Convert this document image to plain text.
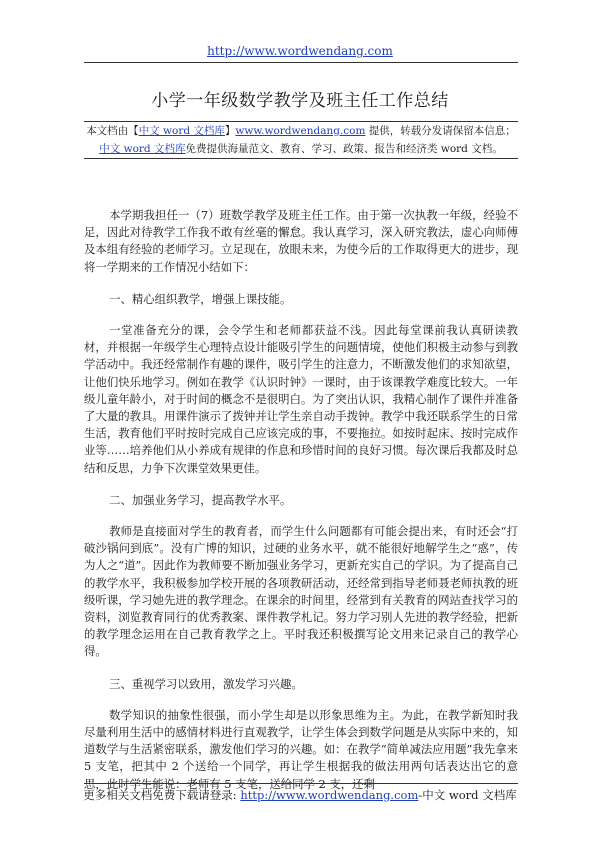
http://www.wordwendang.com
小学一年级数学教学及班主任工作总结
本文档由【中文 word 文档库】www.wordwendang.com 提供，转载分发请保留本信息；
中文 word 文档库免费提供海量范文、教育、学习、政策、报告和经济类 word 文档。

本学期我担任一（7）班数学教学及班主任工作。由于第一次执教一年级，经验不足，因此对待教学工作我不敢有丝毫的懈怠。我认真学习，深入研究教法，虚心向师傅及本组有经验的老师学习。立足现在，放眼未来，为使今后的工作取得更大的进步，现将一学期来的工作情况小结如下：

一、精心组织教学，增强上课技能。

一堂准备充分的课，会令学生和老师都获益不浅。因此每堂课前我认真研读教材，并根据一年级学生心理特点设计能吸引学生的问题情境，使他们积极主动参与到教学活动中。我还经常制作有趣的课件，吸引学生的注意力，不断激发他们的求知欲望，让他们快乐地学习。例如在教学《认识时钟》一课时，由于该课教学难度比较大。一年级儿童年龄小，对于时间的概念不是很明白。为了突出认识，我精心制作了课件并准备了大量的教具。用课件演示了拨钟并让学生亲自动手拨钟。教学中我还联系学生的日常生活，教育他们平时按时完成自己应该完成的事，不要拖拉。如按时起床、按时完成作业等……培养他们从小养成有规律的作息和珍惜时间的良好习惯。每次课后我都及时总结和反思，力争下次课堂效果更佳。

二、加强业务学习，提高教学水平。

教师是直接面对学生的教育者，而学生什么问题都有可能会提出来，有时还会“打破沙锅问到底”。没有广博的知识，过硬的业务水平，就不能很好地解学生之“惑”，传为人之“道”。因此作为教师要不断加强业务学习，更新充实自己的学识。为了提高自己的教学水平，我积极参加学校开展的各项教研活动，还经常到指导老师聂老师执教的班级听课，学习她先进的教学理念。在课余的时间里，经常到有关教育的网站查找学习的资料，浏览教育同行的优秀教案、课件教学札记。努力学习别人先进的教学经验，把新的教学理念运用在自己教育教学之上。平时我还积极撰写论文用来记录自己的教学心得。

三、重视学习以致用，激发学习兴趣。

数学知识的抽象性很强，而小学生却是以形象思维为主。为此，在教学新知时我尽量利用生活中的感情材料进行直观教学，让学生体会到数学问题是从实际中来的，知道数学与生活紧密联系，激发他们学习的兴趣。如：在教学“简单减法应用题”我先拿来 5 支笔，把其中 2 个送给一个同学，再让学生根据我的做法用两句话表达出它的意思，此时学生能说：老师有 5 支笔，送给同学 2 支，还剩

更多相关文档免费下载请登录: http://www.wordwendang.com-中文 word 文档库
